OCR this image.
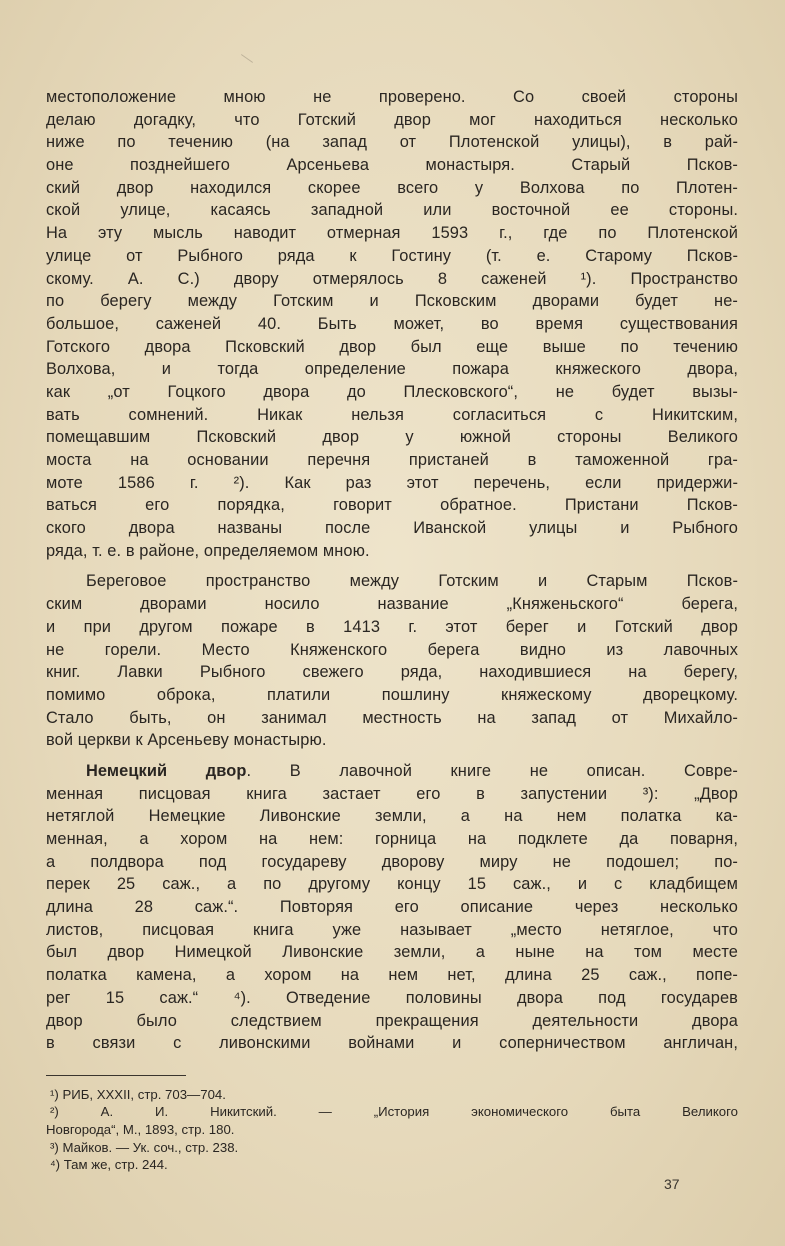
местоположение мною не проверено. Со своей стороны
делаю догадку, что Готский двор мог находиться несколько
ниже по течению (на запад от Плотенской улицы), в рай-
оне позднейшего Арсеньева монастыря. Старый Псков-
ский двор находился скорее всего у Волхова по Плотен-
ской улице, касаясь западной или восточной ее стороны.
На эту мысль наводит отмерная 1593 г., где по Плотенской
улице от Рыбного ряда к Гостину (т. е. Старому Псков-
скому. А. С.) двору отмерялось 8 саженей ¹). Пространство
по берегу между Готским и Псковским дворами будет не-
большое, саженей 40. Быть может, во время существования
Готского двора Псковский двор был еще выше по течению
Волхова, и тогда определение пожара княжеского двора,
как „от Гоцкого двора до Плесковского“, не будет вызы-
вать сомнений. Никак нельзя согласиться с Никитским,
помещавшим Псковский двор у южной стороны Великого
моста на основании перечня пристаней в таможенной гра-
моте 1586 г. ²). Как раз этот перечень, если придержи-
ваться его порядка, говорит обратное. Пристани Псков-
ского двора названы после Иванской улицы и Рыбного
ряда, т. е. в районе, определяемом мною.
Береговое пространство между Готским и Старым Псков-
ским дворами носило название „Княженьского“ берега,
и при другом пожаре в 1413 г. этот берег и Готский двор
не горели. Место Княженского берега видно из лавочных
книг. Лавки Рыбного свежего ряда, находившиеся на берегу,
помимо оброка, платили пошлину княжескому дворецкому.
Стало быть, он занимал местность на запад от Михайло-
вой церкви к Арсеньеву монастырю.
Немецкий двор. В лавочной книге не описан. Совре-
менная писцовая книга застает его в запустении ³): „Двор
нетяглой Немецкие Ливонские земли, а на нем полатка ка-
менная, а хором на нем: горница на подклете да поварня,
а полдвора под государеву дворову миру не подошел; по-
перек 25 саж., а по другому концу 15 саж., и с кладбищем
длина 28 саж.“. Повторяя его описание через несколько
листов, писцовая книга уже называет „место нетяглое, что
был двор Нимецкой Ливонские земли, а ныне на том месте
полатка камена, а хором на нем нет, длина 25 саж., попе-
рег 15 саж.“ ⁴). Отведение половины двора под государев
двор было следствием прекращения деятельности двора
в связи с ливонскими войнами и соперничеством англичан,
¹) РИБ, XXXII, стр. 703—704.
²) А. И. Никитский. — „История экономического быта Великого
Новгорода“, М., 1893, стр. 180.
³) Майков. — Ук. соч., стр. 238.
⁴) Там же, стр. 244.
37
